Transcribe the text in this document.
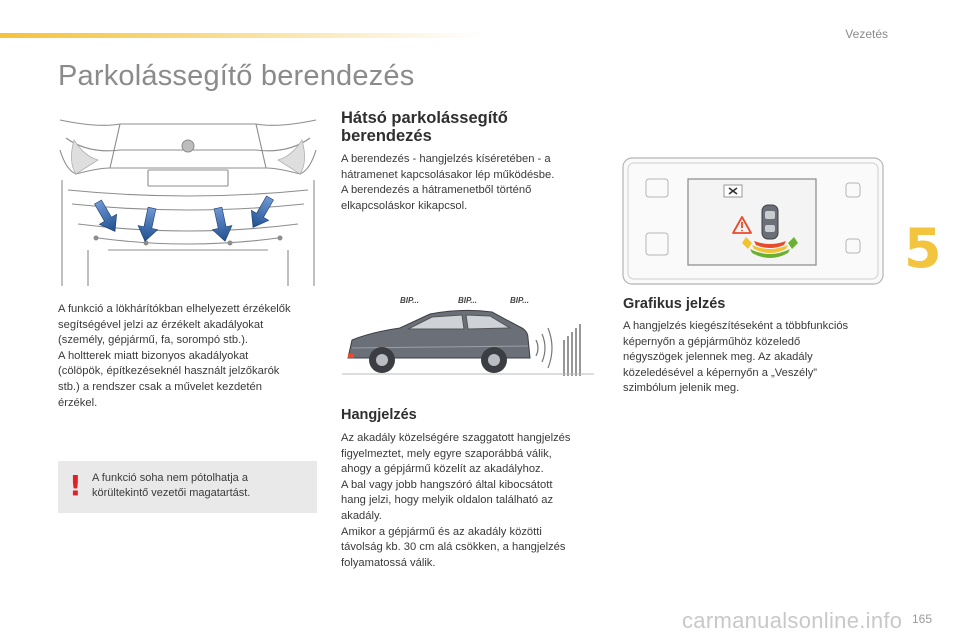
Vezetés
5
Parkolássegítő berendezés

A funkció a lökhárítókban elhelyezett érzékelők
segítségével jelzi az érzékelt akadályokat
(személy, gépjármű, fa, sorompó stb.).
A holtterek miatt bizonyos akadályokat
(cölöpök, építkezéseknél használt jelzőkarók
stb.) a rendszer csak a művelet kezdetén
érzékel.

! A funkció soha nem pótolhatja a
körültekintő vezetői magatartást.
Hátsó parkolássegítő
berendezés

A berendezés - hangjelzés kíséretében - a
hátramenet kapcsolásakor lép működésbe.
A berendezés a hátramenetből történő
elkapcsoláskor kikapcsol.

BIP...	BIP...	BIP...
Hangjelzés

Az akadály közelségére szaggatott hangjelzés
figyelmeztet, mely egyre szaporábbá válik,
ahogy a gépjármű közelít az akadályhoz.
A bal vagy jobb hangszóró által kibocsátott
hang jelzi, hogy melyik oldalon található az
akadály.
Amikor a gépjármű és az akadály közötti
távolság kb. 30 cm alá csökken, a hangjelzés
folyamatossá válik.

Grafikus jelzés

A hangjelzés kiegészítéseként a többfunkciós
képernyőn a gépjárműhöz közeledő
négyszögek jelennek meg. Az akadály
közeledésével a képernyőn a „Veszély”
szimbólum jelenik meg.

carmanualsonline.info 165
